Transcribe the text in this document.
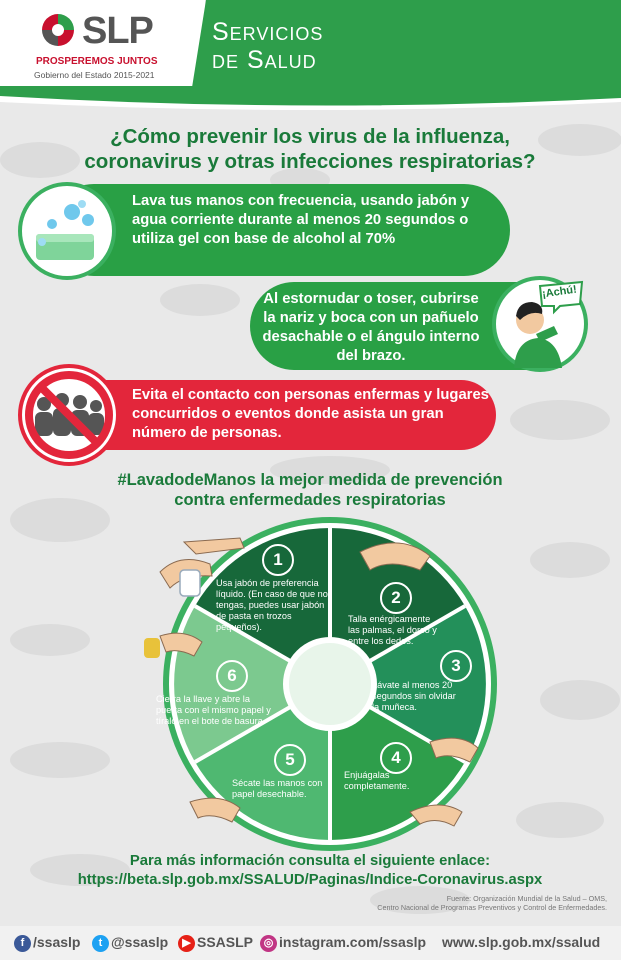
SLP
PROSPEREMOS JUNTOS
Gobierno del Estado 2015-2021
Servicios
de Salud
¿Cómo prevenir los virus de la influenza,
coronavirus y otras infecciones respiratorias?
Lava tus manos con frecuencia, usando jabón y agua corriente durante al menos 20 segundos o utiliza gel con base de alcohol al 70%
Al estornudar o toser, cubrirse la nariz y boca con un pañuelo desachable o el ángulo interno del brazo.
¡Achú!
Evita el contacto con personas enfermas y lugares concurridos o eventos donde asista un gran número de personas.
#LavadodeManos la mejor medida de prevención
contra enfermedades respiratorias
1
Usa jabón de preferencia líquido. (En caso de que no tengas, puedes usar jabón de pasta en trozos pequeños).
2
Talla enérgicamente las palmas, el dorso y entre los dedos.
3
Lávate al menos 20 segundos sin olvidar la muñeca.
4
Enjuágalas completamente.
5
Sécate las manos con papel desechable.
6
Cierra la llave y abre la puerta con el mismo papel y tíralo en el bote de basura.
Para más información consulta el siguiente enlace:
https://beta.slp.gob.mx/SSALUD/Paginas/Indice-Coronavirus.aspx
Fuente: Organización Mundial de la Salud – OMS,
Centro Nacional de Programas Preventivos y Control de Enfermedades.
f /ssaslp	t @ssaslp	▶ SSASLP ◎ instagram.com/ssaslp www.slp.gob.mx/ssalud
